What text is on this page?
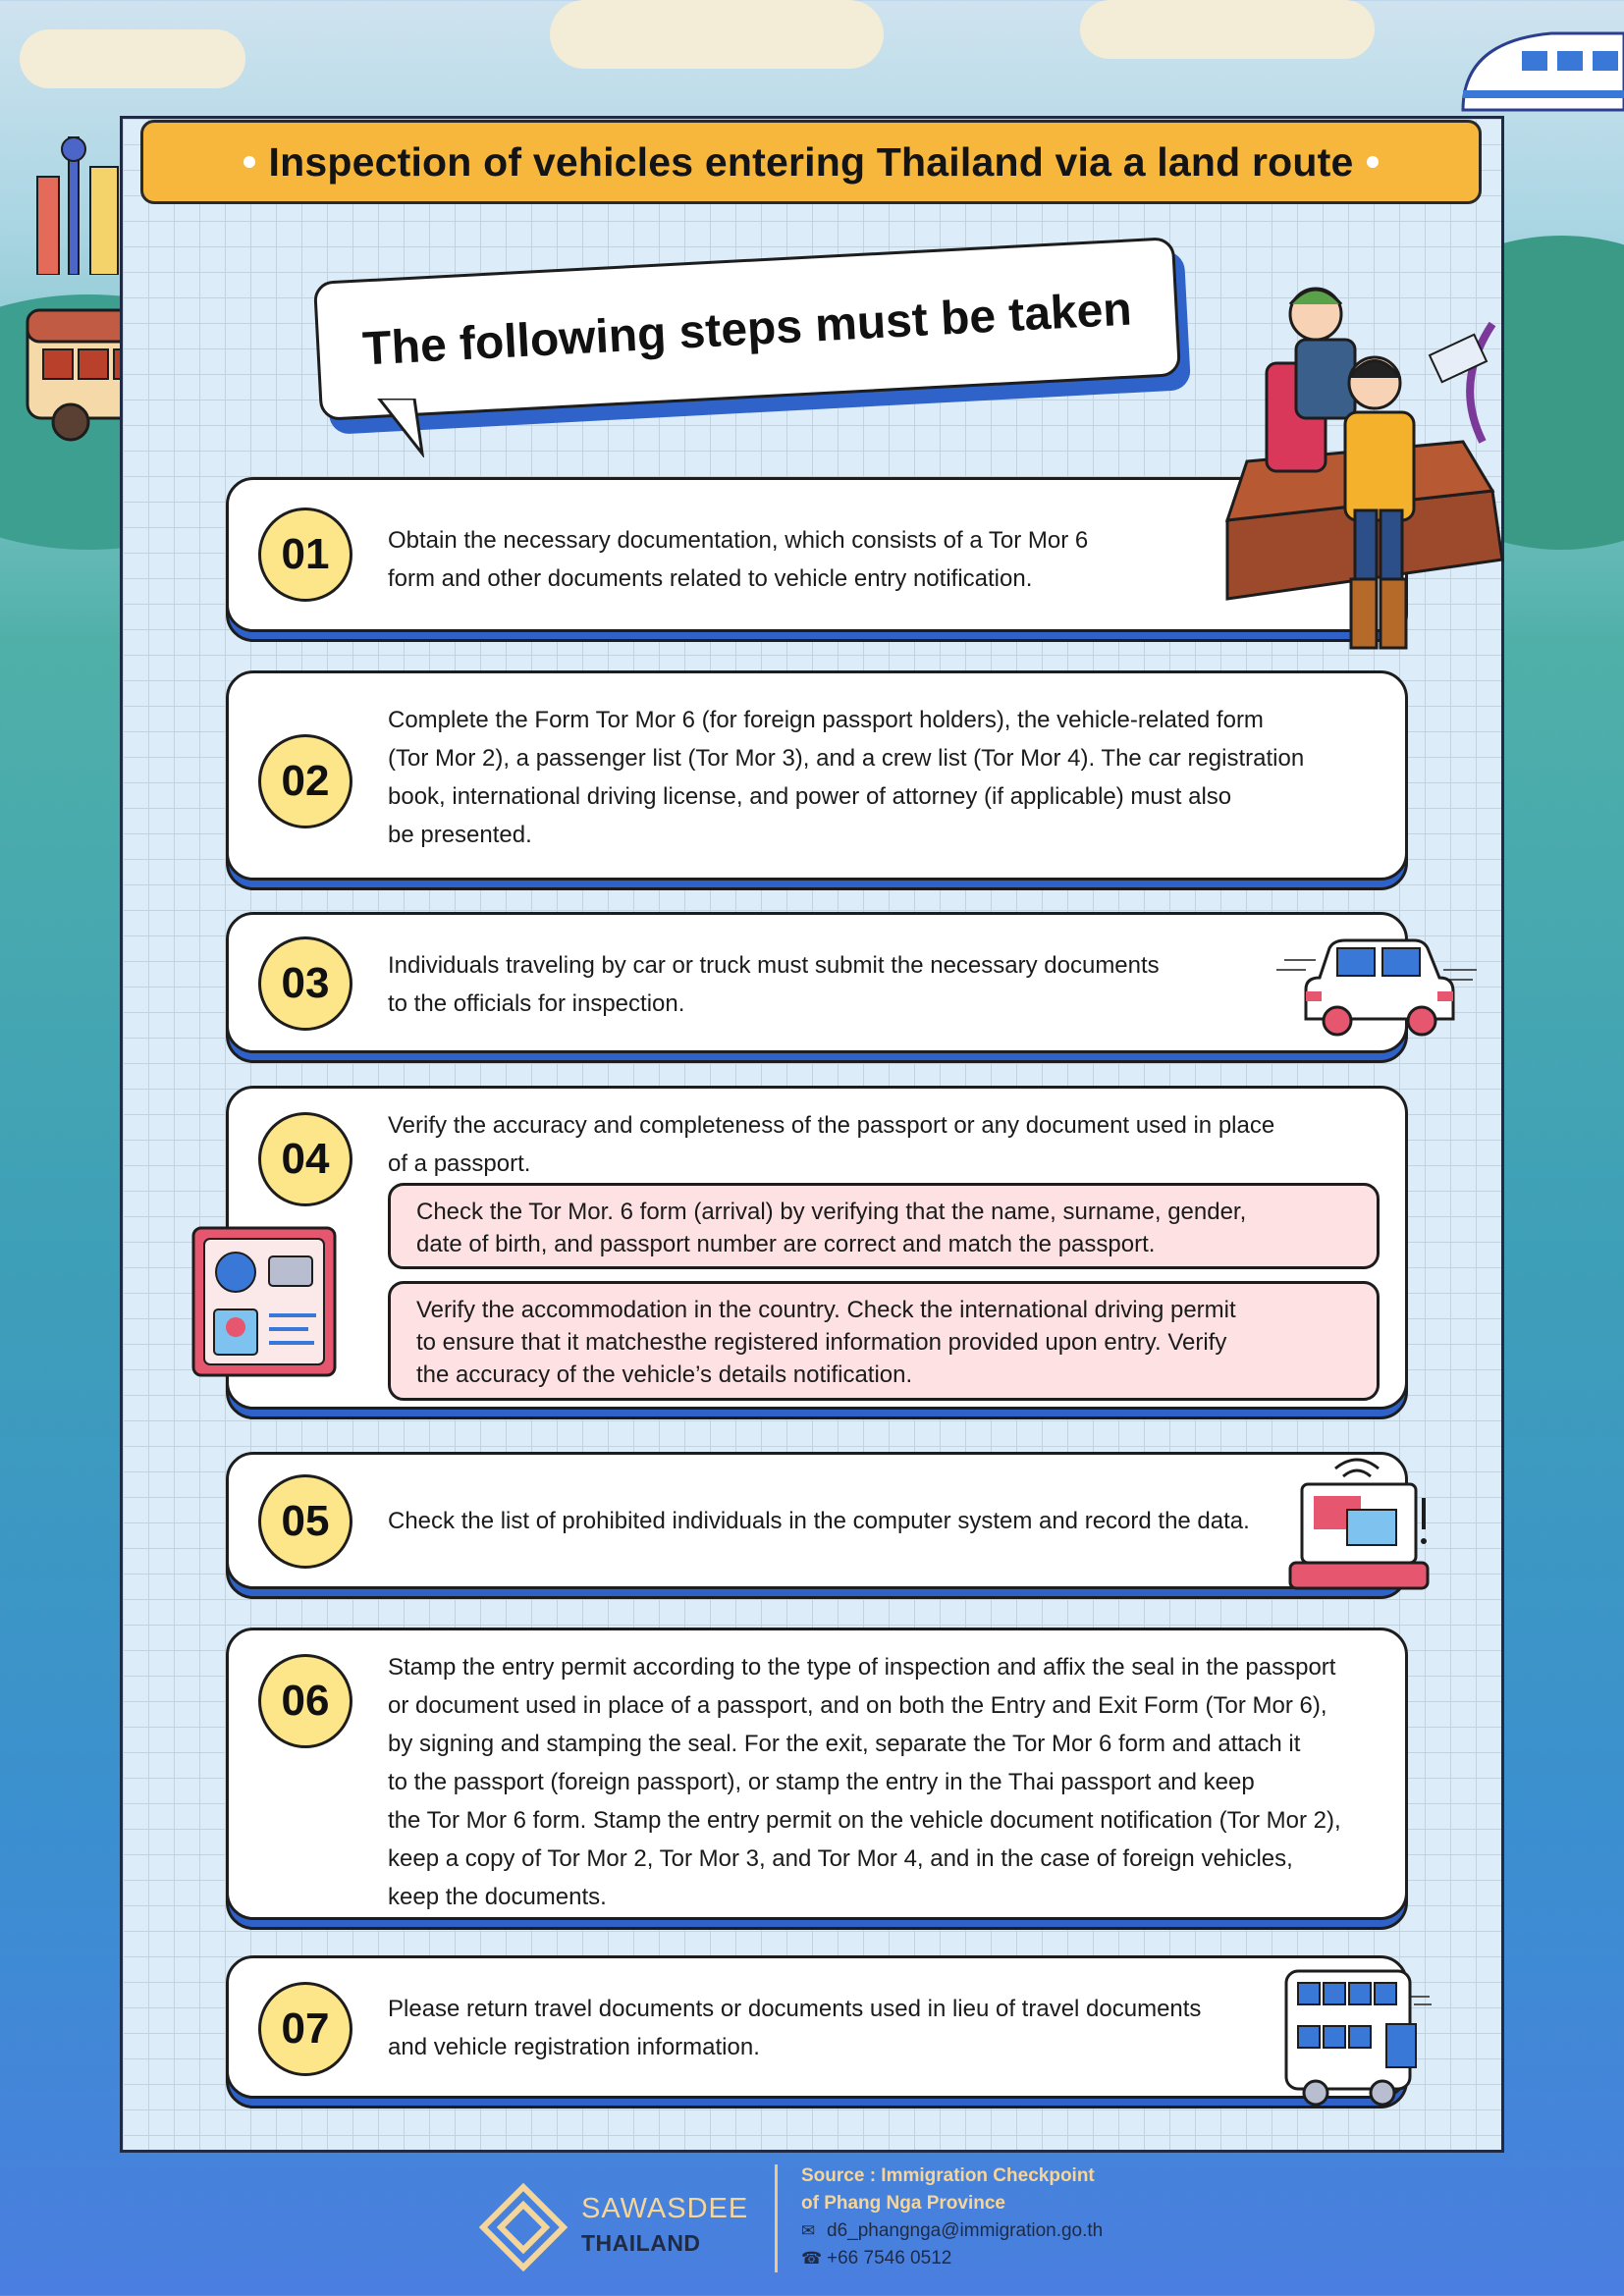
Inspection of vehicles entering Thailand via a land route
The following steps must be taken
01	Obtain the necessary documentation, which consists of a Tor Mor 6
form and other documents related to vehicle entry notification.
02
Complete the Form Tor Mor 6 (for foreign passport holders), the vehicle-related form
(Tor Mor 2), a passenger list (Tor Mor 3), and a crew list (Tor Mor 4). The car registration
book, international driving license, and power of attorney (if applicable) must also
be presented.
03	Individuals traveling by car or truck must submit the necessary documents
to the officials for inspection.
04
Verify the accuracy and completeness of the passport or any document used in place
of a passport.
Check the Tor Mor. 6 form (arrival) by verifying that the name, surname, gender,
date of birth, and passport number are correct and match the passport.
Verify the accommodation in the country. Check the international driving permit
to ensure that it matchesthe registered information provided upon entry. Verify
the accuracy of the vehicle’s details notification.
05	Check the list of prohibited individuals in the computer system and record the data.
06
Stamp the entry permit according to the type of inspection and affix the seal in the passport
or document used in place of a passport, and on both the Entry and Exit Form (Tor Mor 6),
by signing and stamping the seal. For the exit, separate the Tor Mor 6 form and attach it
to the passport (foreign passport), or stamp the entry in the Thai passport and keep
the Tor Mor 6 form. Stamp the entry permit on the vehicle document notification (Tor Mor 2),
keep a copy of Tor Mor 2, Tor Mor 3, and Tor Mor 4, and in the case of foreign vehicles,
keep the documents.
07	Please return travel documents or documents used in lieu of travel documents
and vehicle registration information.
SAWASDEE
THAILAND
Source : Immigration Checkpoint
of Phang Nga Province
✉ d6_phangnga@immigration.go.th
☎ +66 7546 0512
